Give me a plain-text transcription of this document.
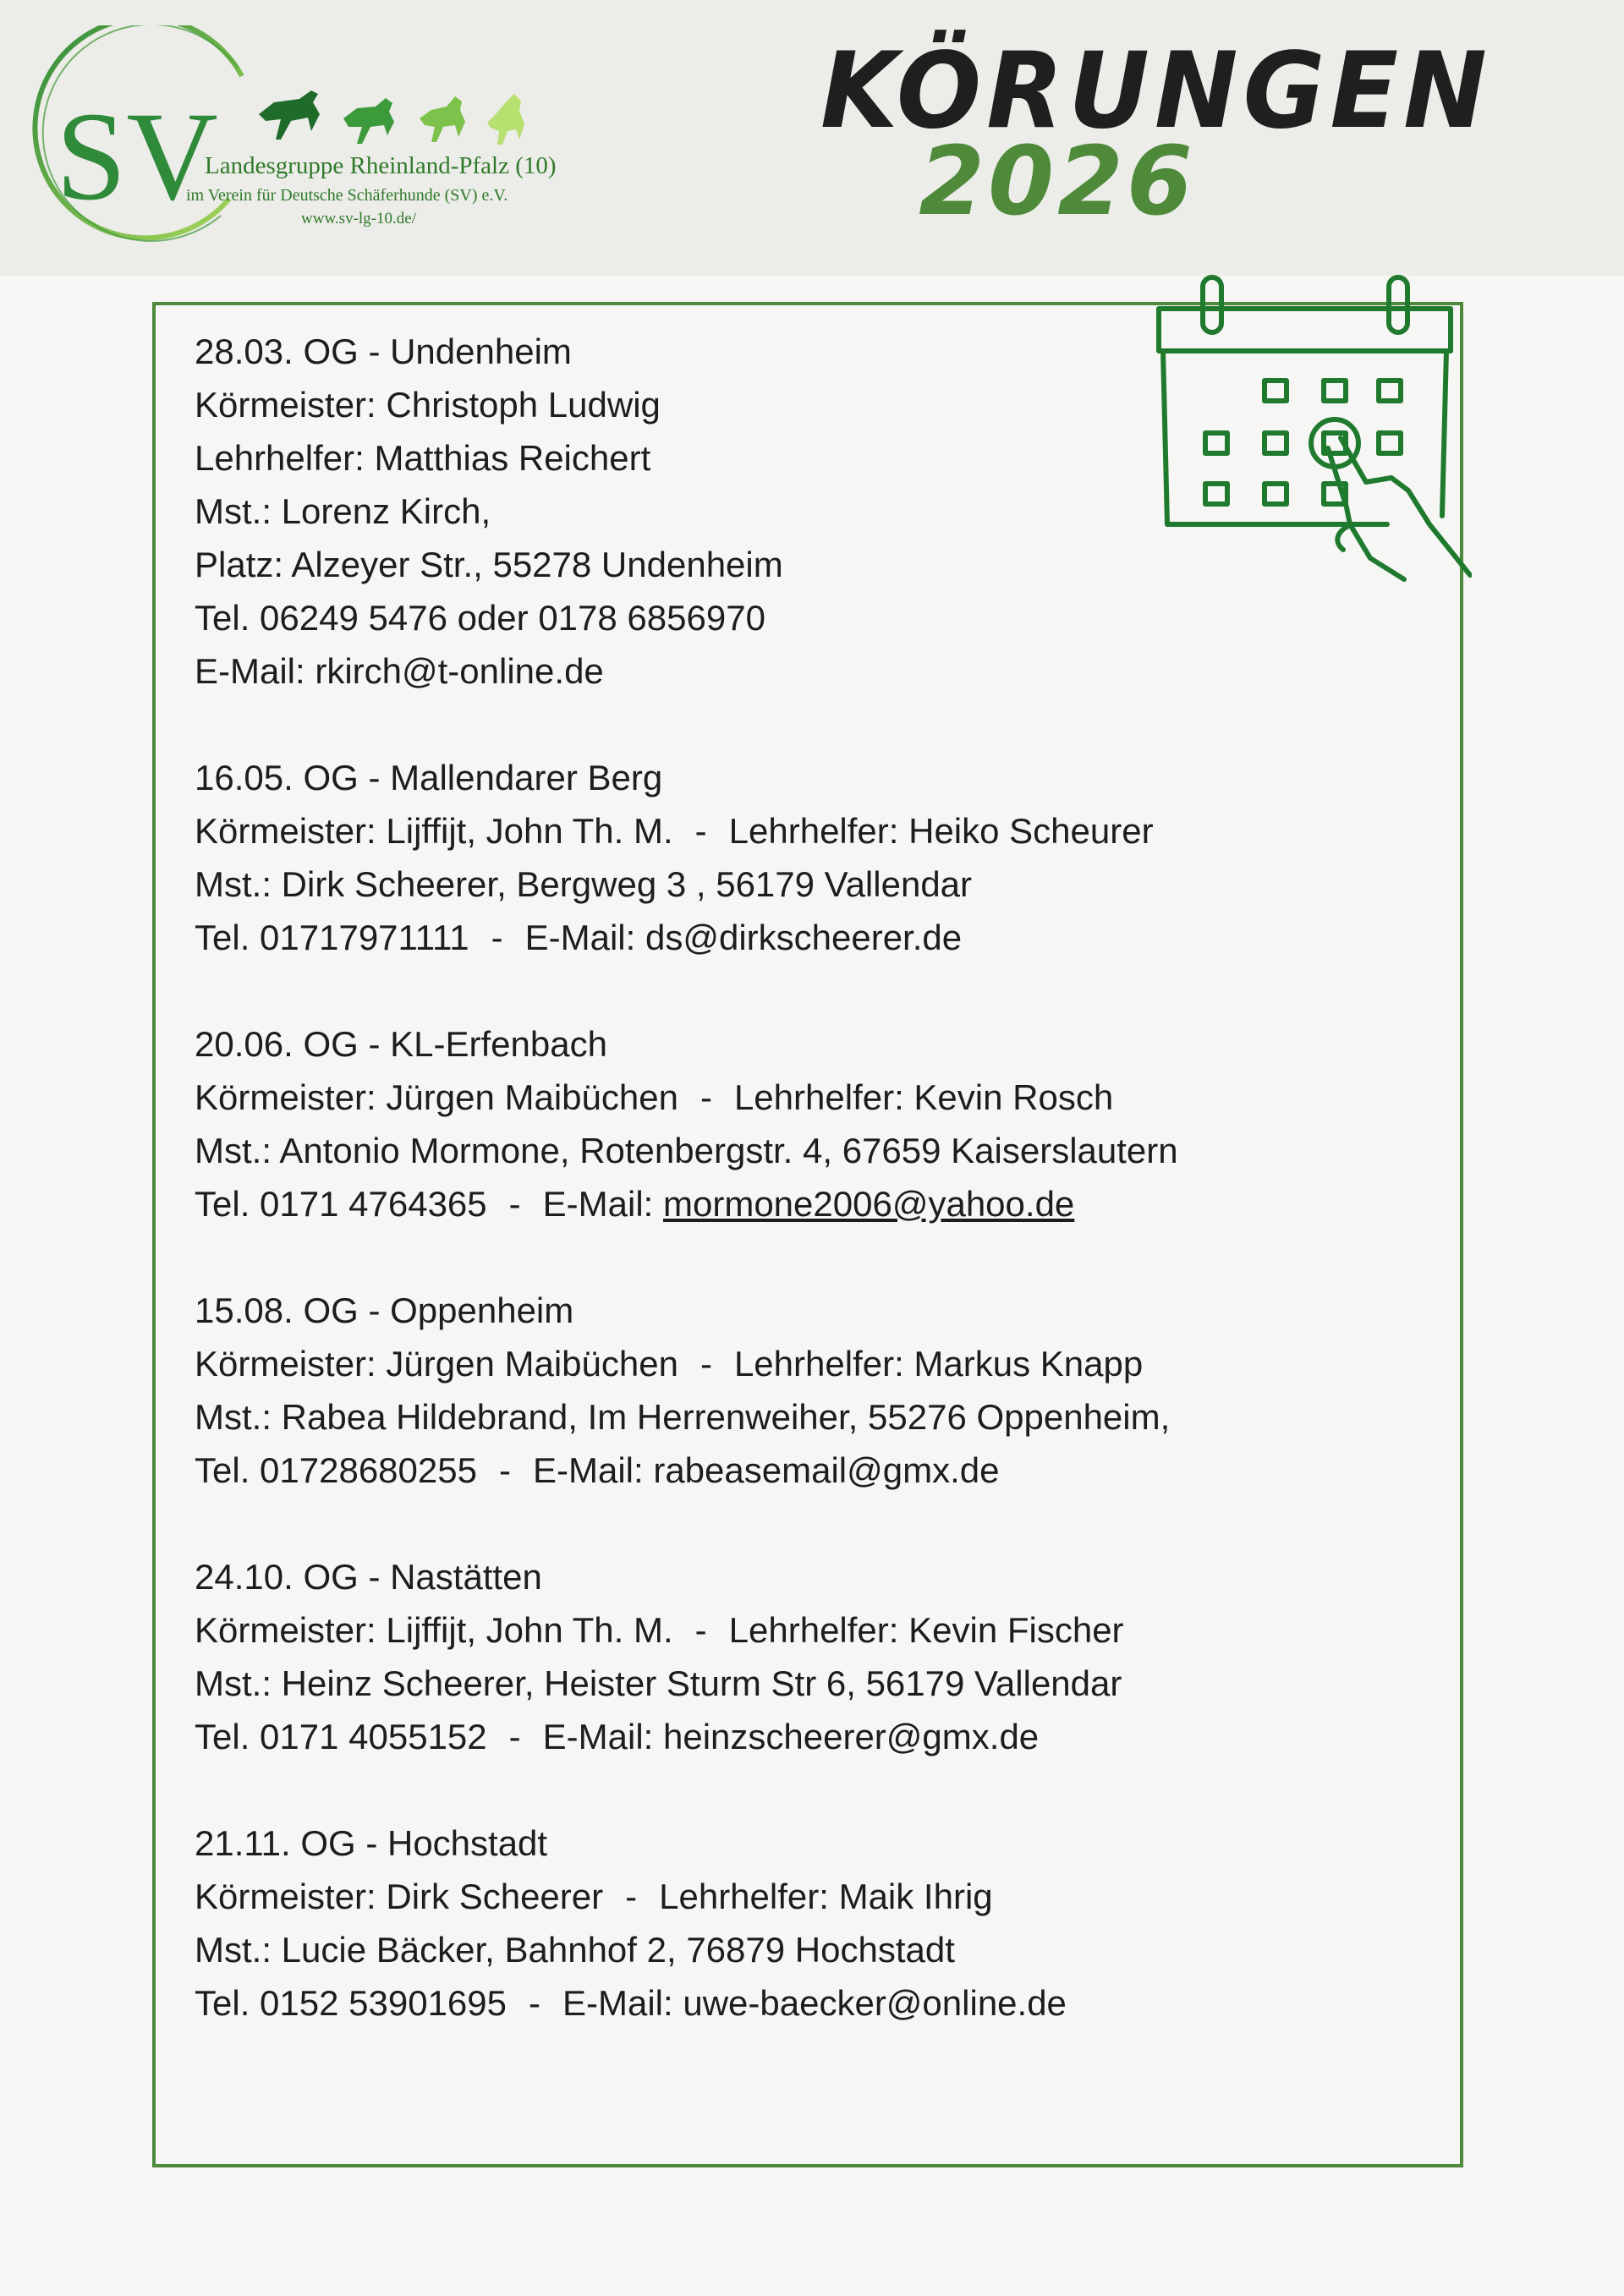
SV
Landesgruppe Rheinland-Pfalz (10)
im Verein für Deutsche Schäferhunde (SV) e.V.
www.sv-lg-10.de/
KÖRUNGEN
2026
28.03. OG - Undenheim
Körmeister: Christoph Ludwig
Lehrhelfer: Matthias Reichert
Mst.: Lorenz Kirch,
Platz: Alzeyer Str., 55278 Undenheim
Tel. 06249 5476 oder 0178 6856970
E-Mail: rkirch@t-online.de
16.05. OG - Mallendarer Berg
Körmeister: Lijffijt, John Th. M. - Lehrhelfer: Heiko Scheurer
Mst.: Dirk Scheerer, Bergweg 3 , 56179 Vallendar
Tel. 01717971111 - E-Mail: ds@dirkscheerer.de
20.06. OG - KL-Erfenbach
Körmeister: Jürgen Maibüchen - Lehrhelfer: Kevin Rosch
Mst.: Antonio Mormone, Rotenbergstr. 4, 67659 Kaiserslautern
Tel. 0171 4764365 - E-Mail: mormone2006@yahoo.de
15.08. OG - Oppenheim
Körmeister: Jürgen Maibüchen - Lehrhelfer: Markus Knapp
Mst.: Rabea Hildebrand, Im Herrenweiher, 55276 Oppenheim,
Tel. 01728680255 - E-Mail: rabeasemail@gmx.de
24.10. OG - Nastätten
Körmeister: Lijffijt, John Th. M. - Lehrhelfer: Kevin Fischer
Mst.: Heinz Scheerer, Heister Sturm Str 6, 56179 Vallendar
Tel. 0171 4055152 - E-Mail: heinzscheerer@gmx.de
21.11. OG - Hochstadt
Körmeister: Dirk Scheerer - Lehrhelfer: Maik Ihrig
Mst.: Lucie Bäcker, Bahnhof 2, 76879 Hochstadt
Tel. 0152 53901695 - E-Mail: uwe-baecker@online.de
